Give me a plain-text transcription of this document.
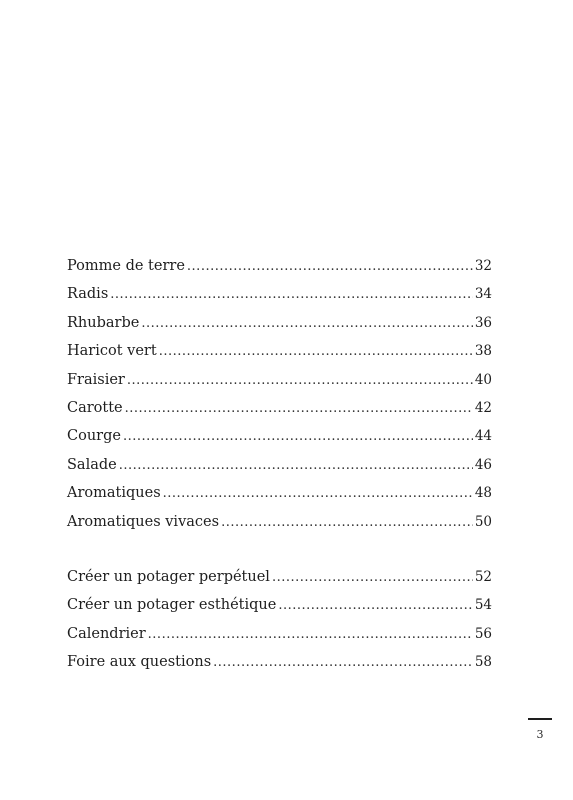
Pomme de terre .....	32
Radis .....	34
Rhubarbe .....	36
Haricot vert .....	38
Fraisier .....	40
Carotte .....	42
Courge .....	44
Salade .....	46
Aromatiques .....	48
Aromatiques vivaces .....	50
Créer un potager perpétuel .....	52
Créer un potager esthétique .....	54
Calendrier .....	56
Foire aux questions .....	58
3
